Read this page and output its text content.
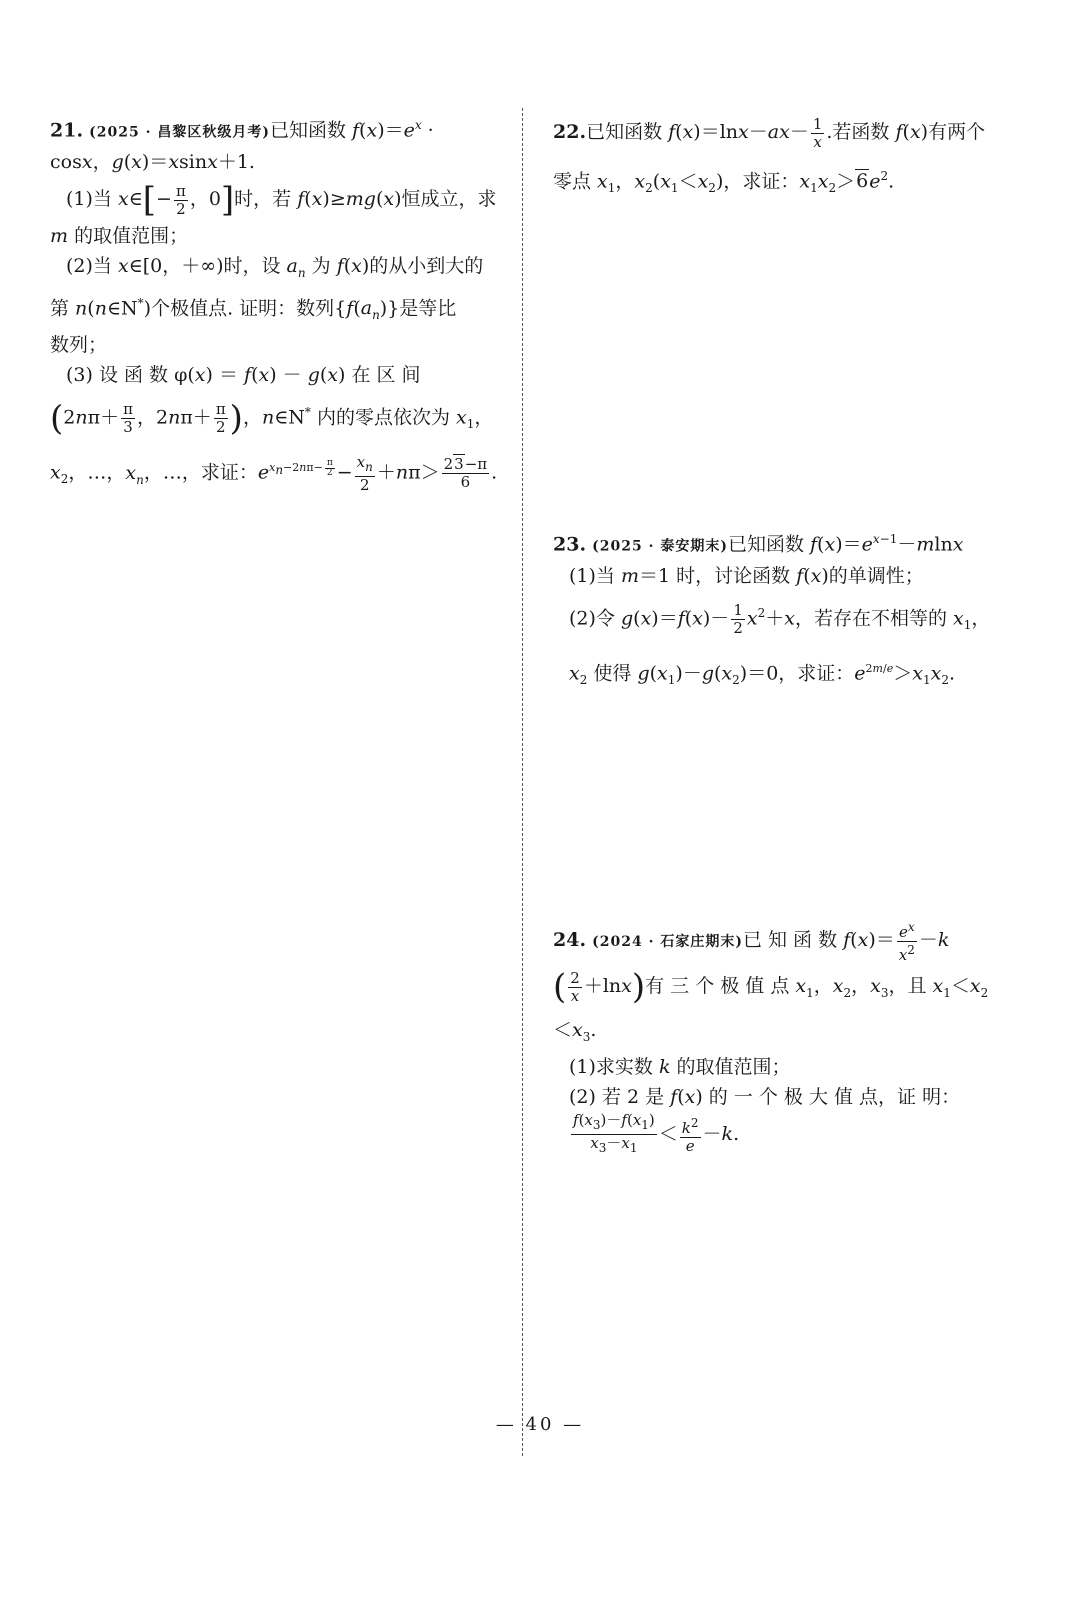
21. (2025 · 昌黎区秋级月考)已知函数 $f(x)=e^x$ ·
cosx，g(x)＝xsinx＋1.
(1)当 x∈[− $\frac{\pi}{2}$ ，0]时，若 f(x)≥mg(x)恒成立，求
m 的取值范围；
(2)当 x∈[0，＋∞)时，设 $a_n$ 为 f(x)的从小到大的
第 n(n∈N*)个极值点. 证明：数列$\{f(a_n)\}$是等比
数列；
(3) 设 函 数 φ(x) ＝ f(x) － g(x) 在 区 间
($2n\pi+ \frac{\pi}{3}$ ，$2n\pi+ \frac{\pi}{2}$ )，n∈N* 内的零点依次为 $x_1$，
$x_2$，…，$x_n$，…，求证：$e^{x_n-2n\pi- \frac{\pi}{2}} - \frac{x_n}{2} +n\pi> \frac{23-\pi}{6}$ .
22.已知函数 $f(x)=\ln x-ax- \frac{1}{x}$ .若函数 f(x)有两个
零点 $x_1$，$x_2(x_1<x_2)$，求证：$x_1x_2>6e^2$.
23. (2025 · 泰安期末)已知函数 $f(x)=e^{x-1}-mlnx$
(1)当 m＝1 时，讨论函数 f(x)的单调性；
(2)令 $g(x)=f(x)- \frac{1}{2} x^2+x$，若存在不相等的 $x_1$，
$x_2$ 使得 $g(x_1)-g(x_2)=0$，求证：$e^{2m/e}>x_1x_2$.
24. (2024 · 石家庄期末)已 知 函 数 $f(x)= \frac{e^x}{x^2} -k$
( $\frac{2}{x} +\ln x$)有 三 个 极 值 点 $x_1$，$x_2$，$x_3$，且 $x_1<x_2$
$<x_3$.
(1)求实数 k 的取值范围；
(2) 若 2 是 f(x) 的 一 个 极 大 值 点，证 明：
$\frac{f(x_3)-f(x_1)}{x_3-x_1} < \frac{k^2}{e} -k$.
— 40 —
